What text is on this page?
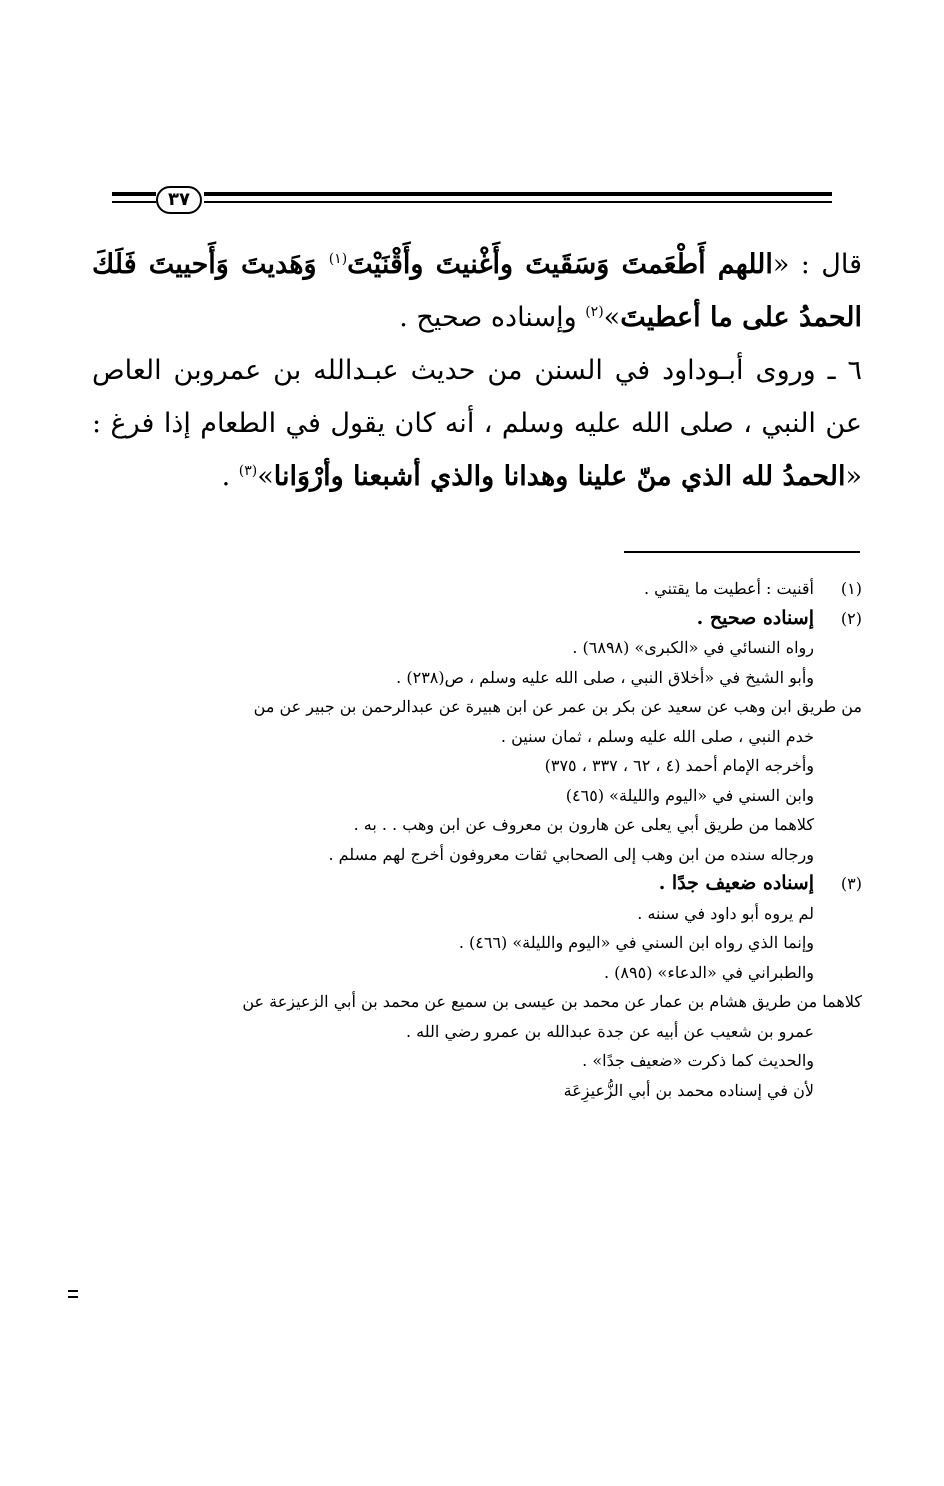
٣٧

قال : «اللهم أَطْعَمتَ وَسَقَيتَ وأَغْنيتَ وأَقْنَيْتَ$^{(١)}$ وَهَديتَ وَأَحييتَ فَلَكَ الحمدُ على ما أعطيتَ»$^{(٢)}$ وإسناده صحيح .

٦ ـ وروى أبـوداود في السنن من حديث عبـدالله بن عمروبن العاص عن النبي ، صلى الله عليه وسلم ، أنه كان يقول في الطعام إذا فرغ : «الحمدُ لله الذي منّ علينا وهدانا والذي أشبعنا وأرْوَانا»$^{(٣)}$ .

(١)
أقنيت : أعطيت ما يقتني .
(٢)
إسناده صحيح .
رواه النسائي في «الكبرى» (٦٨٩٨) .
وأبو الشيخ في «أخلاق النبي ، صلى الله عليه وسلم ، ص(٢٣٨) .
من طريق ابن وهب عن سعيد عن بكر بن عمر عن ابن هبيرة عن عبدالرحمن بن جبير عن من
خدم النبي ، صلى الله عليه وسلم ، ثمان سنين .
وأخرجه الإمام أحمد (٤ ، ٦٢ ، ٣٣٧ ، ٣٧٥)
وابن السني في «اليوم والليلة» (٤٦٥)
كلاهما من طريق أبي يعلى عن هارون بن معروف عن ابن وهب . . به .
ورجاله سنده من ابن وهب إلى الصحابي ثقات معروفون أخرج لهم مسلم .
(٣)
إسناده ضعيف جدًا .
لم يروه أبو داود في سننه .
وإنما الذي رواه ابن السني في «اليوم والليلة» (٤٦٦) .
والطبراني في «الدعاء» (٨٩٥) .
كلاهما من طريق هشام بن عمار عن محمد بن عيسى بن سميع عن محمد بن أبي الزعيزعة عن
عمرو بن شعيب عن أبيه عن جدة عبدالله بن عمرو رضي الله .
والحديث كما ذكرت «ضعيف جدًا» .
لأن في إسناده محمد بن أبي الزُّعيزِعَة
